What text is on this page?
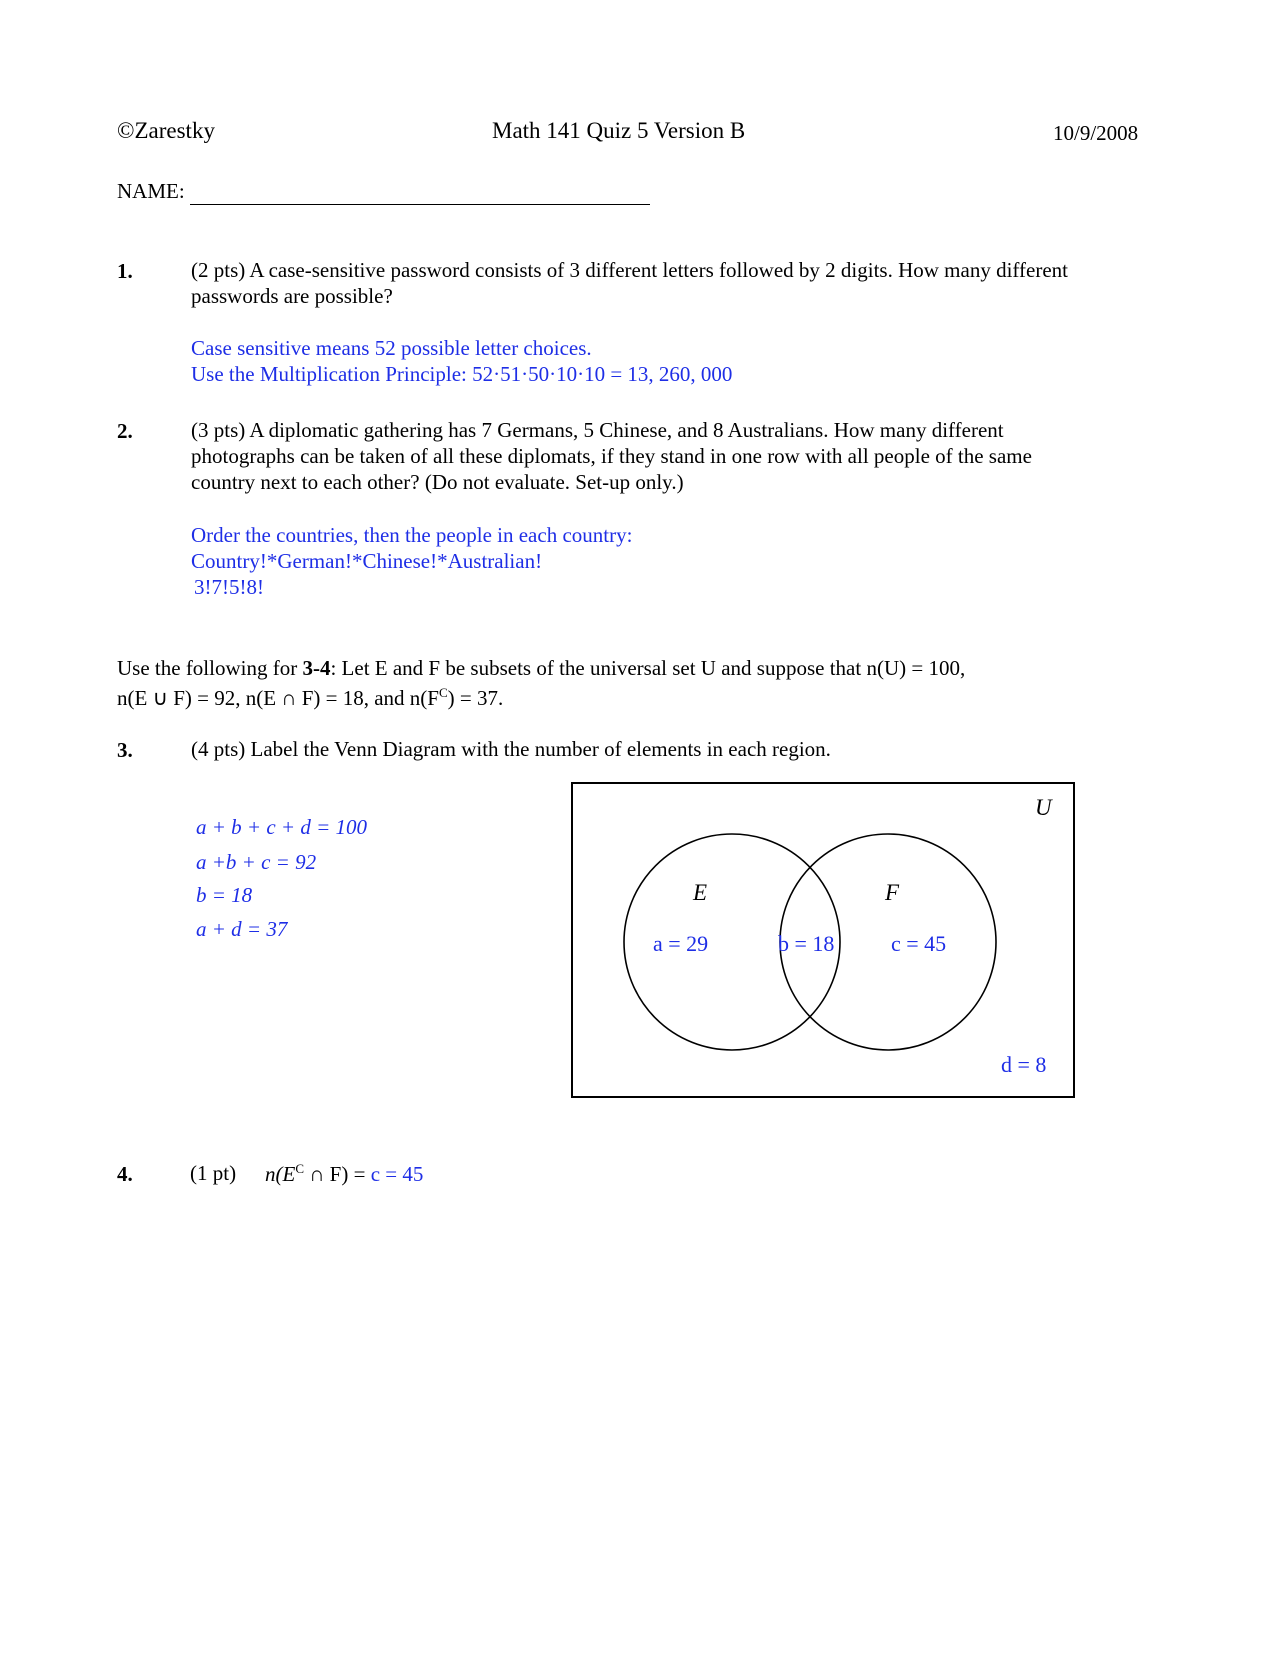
©Zarestky	Math 141 Quiz 5 Version B	10/9/2008
NAME:
1.	(2 pts) A case-sensitive password consists of 3 different letters followed by 2 digits. How many different
passwords are possible?
Case sensitive means 52 possible letter choices.
Use the Multiplication Principle: 52·51·50·10·10 = 13, 260, 000
2.	(3 pts) A diplomatic gathering has 7 Germans, 5 Chinese, and 8 Australians. How many different
photographs can be taken of all these diplomats, if they stand in one row with all people of the same
country next to each other? (Do not evaluate. Set-up only.)
Order the countries, then the people in each country:
Country!*German!*Chinese!*Australian!
3!7!5!8!
Use the following for 3-4: Let E and F be subsets of the universal set U and suppose that n(U) = 100,
n(E ∪ F) = 92, n(E ∩ F) = 18, and $n(F^C) = 37$.
3.	(4 pts) Label the Venn Diagram with the number of elements in each region.
a + b + c + d = 100
a +b + c = 92
b = 18
a + d = 37
U
E	F
a = 29	b = 18	c = 45
d = 8
4.	(1 pt) $n(E^C$ ∩ F) = c = 45
